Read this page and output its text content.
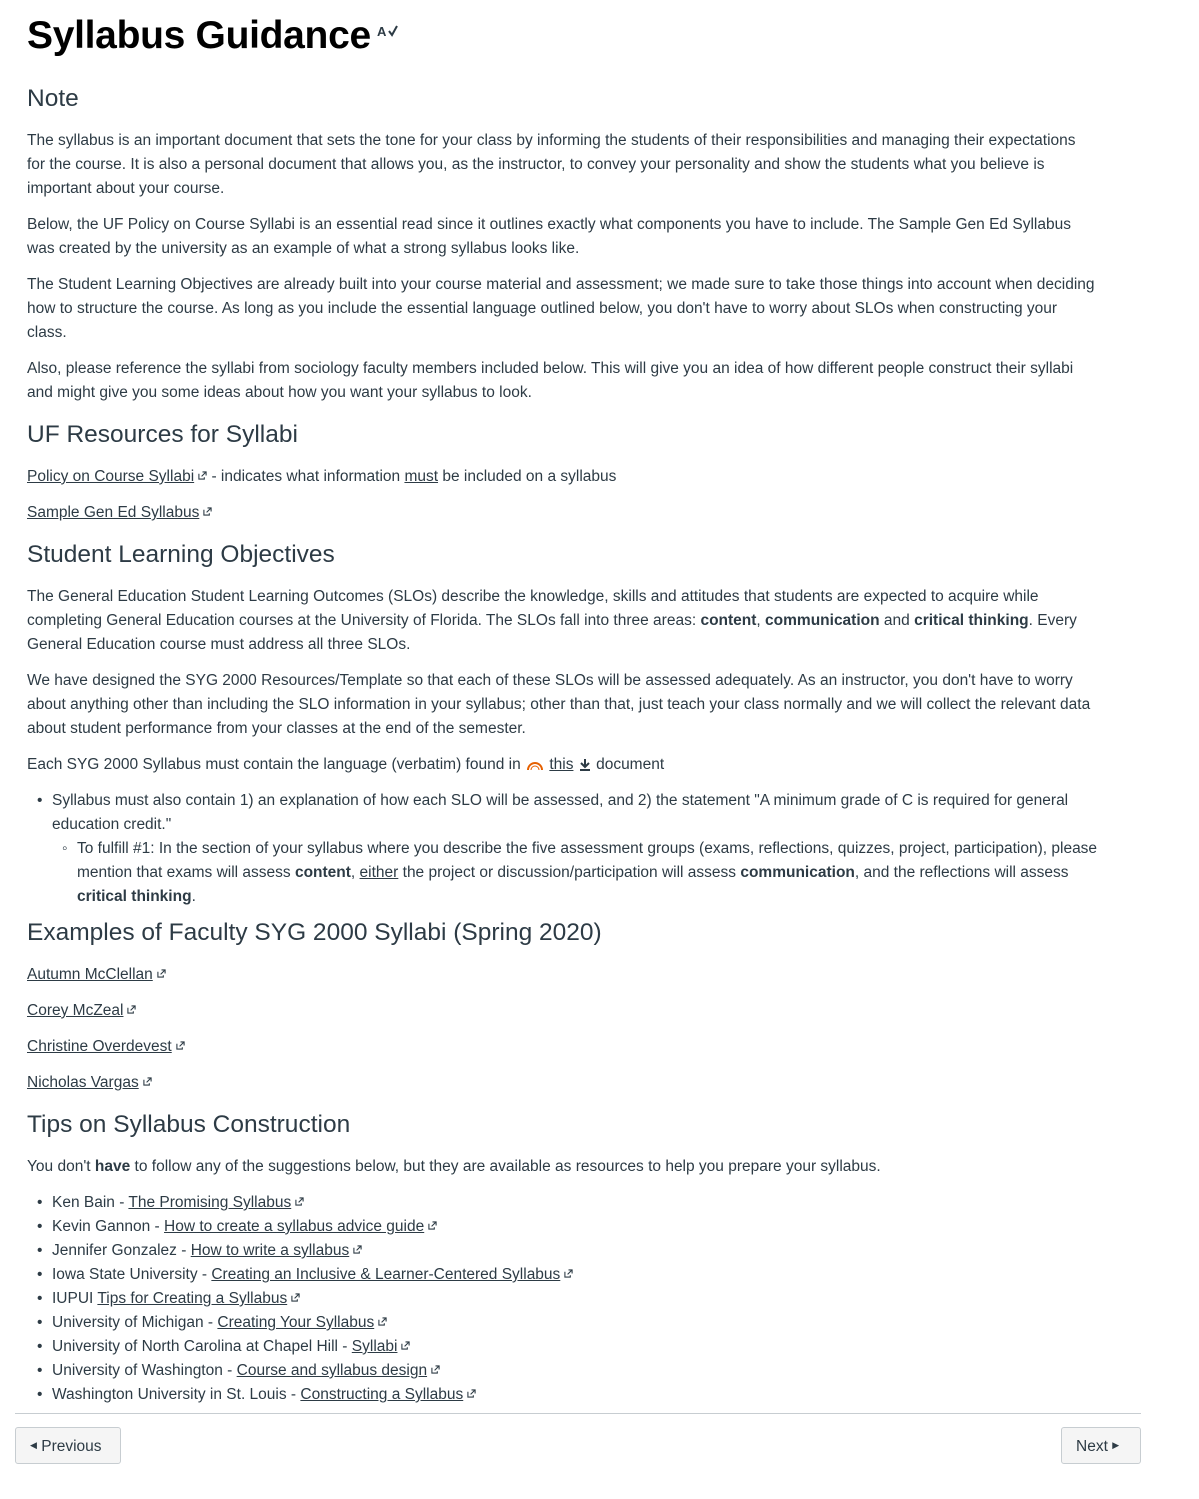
Syllabus Guidance A
Note

The syllabus is an important document that sets the tone for your class by informing the students of their responsibilities and managing their expectations for the course. It is also a personal document that allows you, as the instructor, to convey your personality and show the students what you believe is important about your course.

Below, the UF Policy on Course Syllabi is an essential read since it outlines exactly what components you have to include. The Sample Gen Ed Syllabus was created by the university as an example of what a strong syllabus looks like.

The Student Learning Objectives are already built into your course material and assessment; we made sure to take those things into account when deciding how to structure the course. As long as you include the essential language outlined below, you don't have to worry about SLOs when constructing your class.

Also, please reference the syllabi from sociology faculty members included below. This will give you an idea of how different people construct their syllabi and might give you some ideas about how you want your syllabus to look.

UF Resources for Syllabi

Policy on Course Syllabi - indicates what information must be included on a syllabus

Sample Gen Ed Syllabus

Student Learning Objectives

The General Education Student Learning Outcomes (SLOs) describe the knowledge, skills and attitudes that students are expected to acquire while completing General Education courses at the University of Florida. The SLOs fall into three areas: content, communication and critical thinking. Every General Education course must address all three SLOs.

We have designed the SYG 2000 Resources/Template so that each of these SLOs will be assessed adequately. As an instructor, you don't have to worry about anything other than including the SLO information in your syllabus; other than that, just teach your class normally and we will collect the relevant data about student performance from your classes at the end of the semester.

Each SYG 2000 Syllabus must contain the language (verbatim) found in  this  document

• Syllabus must also contain 1) an explanation of how each SLO will be assessed, and 2) the statement "A minimum grade of C is required for general education credit."
◦ To fulfill #1: In the section of your syllabus where you describe the five assessment groups (exams, reflections, quizzes, project, participation), please mention that exams will assess content, either the project or discussion/participation will assess communication, and the reflections will assess critical thinking.
Examples of Faculty SYG 2000 Syllabi (Spring 2020)

Autumn McClellan

Corey McZeal

Christine Overdevest

Nicholas Vargas

Tips on Syllabus Construction

You don't have to follow any of the suggestions below, but they are available as resources to help you prepare your syllabus.

• Ken Bain - The Promising Syllabus
• Kevin Gannon - How to create a syllabus advice guide
• Jennifer Gonzalez - How to write a syllabus
• Iowa State University - Creating an Inclusive & Learner-Centered Syllabus
• IUPUI Tips for Creating a Syllabus
• University of Michigan - Creating Your Syllabus
• University of North Carolina at Chapel Hill - Syllabi
• University of Washington - Course and syllabus design
• Washington University in St. Louis - Constructing a Syllabus
◀ Previous	Next ▶
